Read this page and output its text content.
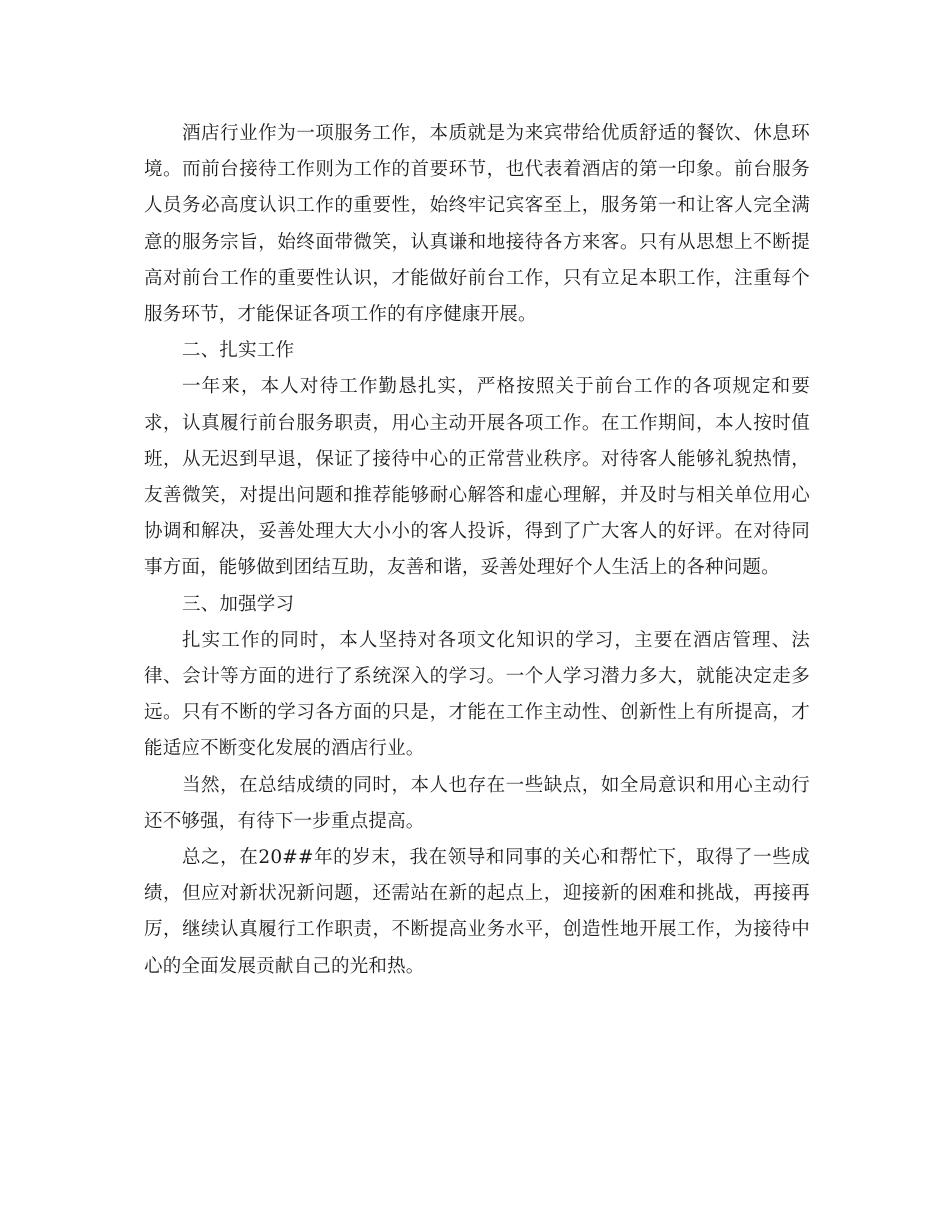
酒店行业作为一项服务工作，本质就是为来宾带给优质舒适的餐饮、休息环境。而前台接待工作则为工作的首要环节，也代表着酒店的第一印象。前台服务人员务必高度认识工作的重要性，始终牢记宾客至上，服务第一和让客人完全满意的服务宗旨，始终面带微笑，认真谦和地接待各方来客。只有从思想上不断提高对前台工作的重要性认识，才能做好前台工作，只有立足本职工作，注重每个服务环节，才能保证各项工作的有序健康开展。

二、扎实工作

一年来，本人对待工作勤恳扎实，严格按照关于前台工作的各项规定和要求，认真履行前台服务职责，用心主动开展各项工作。在工作期间，本人按时值班，从无迟到早退，保证了接待中心的正常营业秩序。对待客人能够礼貌热情，友善微笑，对提出问题和推荐能够耐心解答和虚心理解，并及时与相关单位用心协调和解决，妥善处理大大小小的客人投诉，得到了广大客人的好评。在对待同事方面，能够做到团结互助，友善和谐，妥善处理好个人生活上的各种问题。

三、加强学习

扎实工作的同时，本人坚持对各项文化知识的学习，主要在酒店管理、法律、会计等方面的进行了系统深入的学习。一个人学习潜力多大，就能决定走多远。只有不断的学习各方面的只是，才能在工作主动性、创新性上有所提高，才能适应不断变化发展的酒店行业。

当然，在总结成绩的同时，本人也存在一些缺点，如全局意识和用心主动行还不够强，有待下一步重点提高。

总之，在20##年的岁末，我在领导和同事的关心和帮忙下，取得了一些成绩，但应对新状况新问题，还需站在新的起点上，迎接新的困难和挑战，再接再厉，继续认真履行工作职责，不断提高业务水平，创造性地开展工作，为接待中心的全面发展贡献自己的光和热。
